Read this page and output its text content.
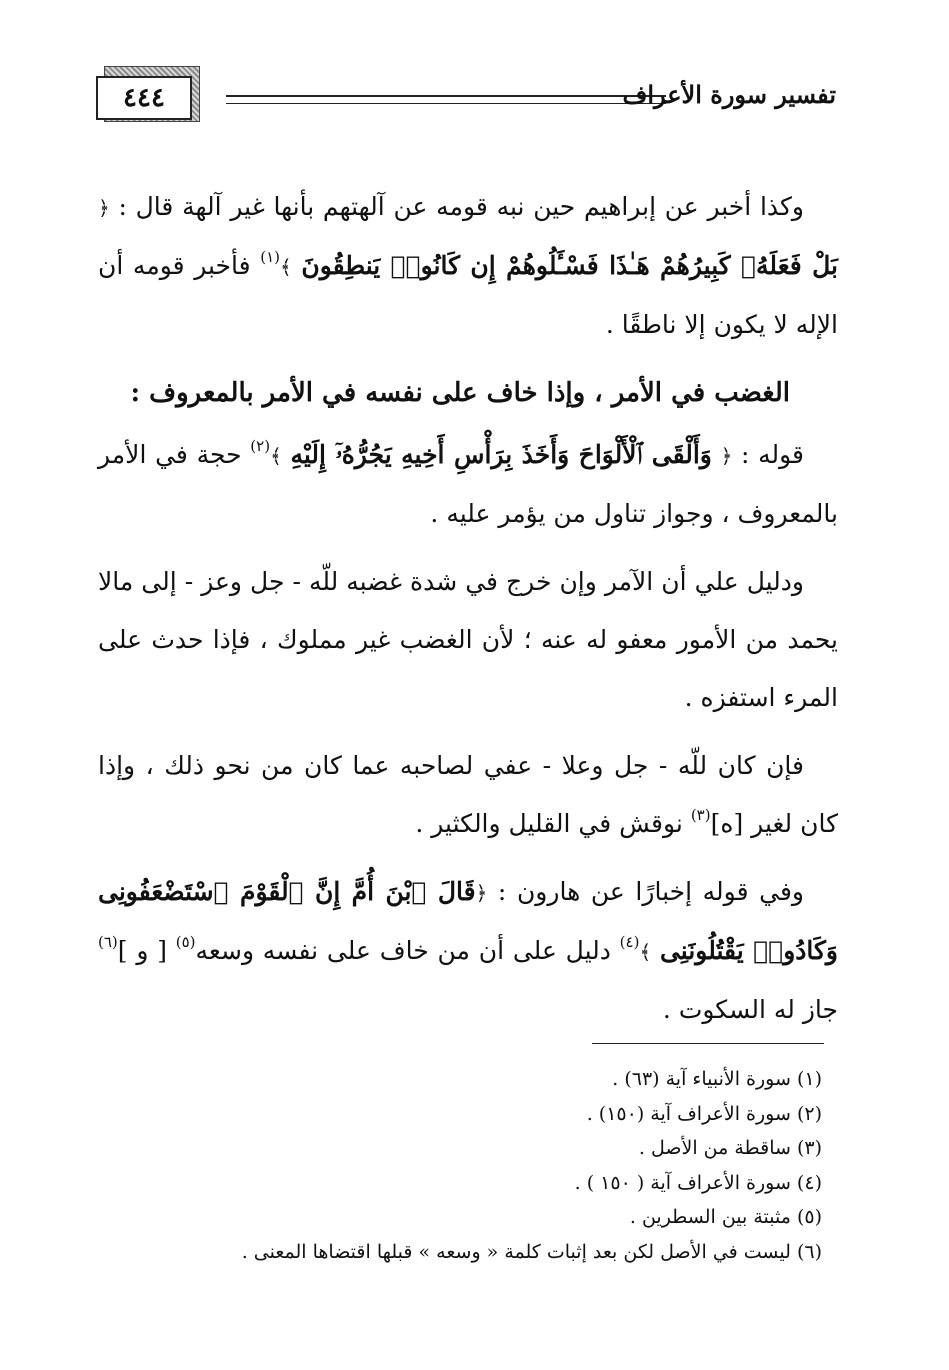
٤٤٤	تفسير سورة الأعراف

وكذا أخبر عن إبراهيم حين نبه قومه عن آلهتهم بأنها غير آلهة قال : ﴿ بَلْ فَعَلَهُۥ كَبِيرُهُمْ هَـٰذَا فَسْـَٔلُوهُمْ إِن كَانُوا۟ يَنطِقُونَ ﴾$^{(١)}$ فأخبر قومه أن الإله لا يكون إلا ناطقًا .

الغضب في الأمر ، وإذا خاف على نفسه في الأمر بالمعروف :

قوله : ﴿ وَأَلْقَى ٱلْأَلْوَاحَ وَأَخَذَ بِرَأْسِ أَخِيهِ يَجُرُّهُۥٓ إِلَيْهِ ﴾$^{(٢)}$ حجة في الأمر بالمعروف ، وجواز تناول من يؤمر عليه .

ودليل علي أن الآمر وإن خرج في شدة غضبه للّه - جل وعز - إلى مالا يحمد من الأمور معفو له عنه ؛ لأن الغضب غير مملوك ، فإذا حدث على المرء استفزه .

فإن كان للّه - جل وعلا - عفي لصاحبه عما كان من نحو ذلك ، وإذا كان لغير [ه]$^{(٣)}$ نوقش في القليل والكثير .

وفي قوله إخبارًا عن هارون : ﴿قَالَ ٱبْنَ أُمَّ إِنَّ ٱلْقَوْمَ ٱسْتَضْعَفُونِى وَكَادُوا۟ يَقْتُلُونَنِى ﴾$^{(٤)}$ دليل على أن من خاف على نفسه وسعه$^{(٥)}$ [ و ]$^{(٦)}$ جاز له السكوت .

(١) سورة الأنبياء آية (٦٣) .
(٢) سورة الأعراف آية (١٥٠) .
(٣) ساقطة من الأصل .
(٤) سورة الأعراف آية ( ١٥٠ ) .
(٥) مثبتة بين السطرين .
(٦) ليست في الأصل لكن بعد إثبات كلمة « وسعه » قبلها اقتضاها المعنى .
